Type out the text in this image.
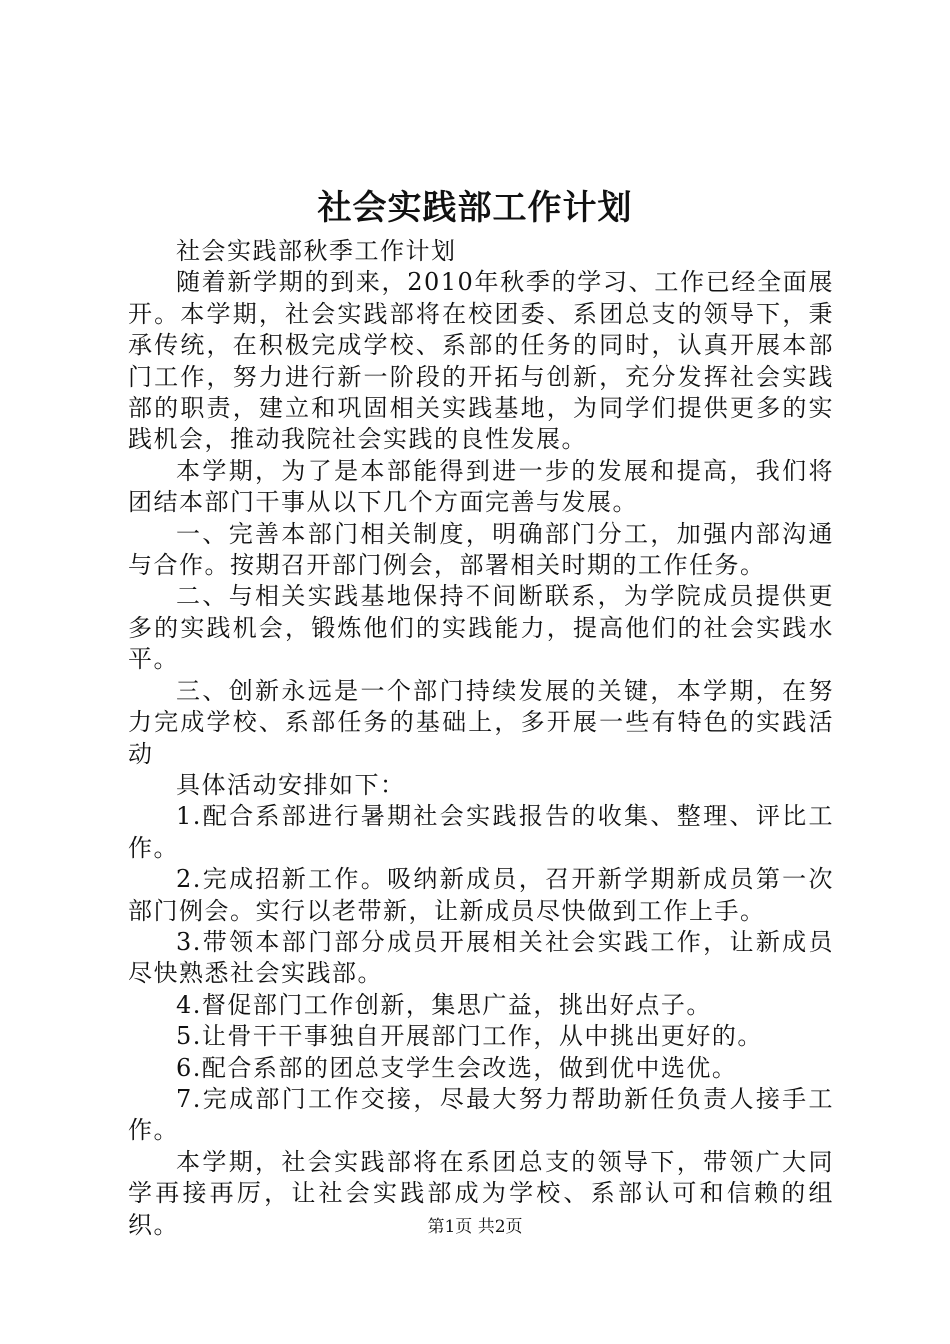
社会实践部工作计划

社会实践部秋季工作计划

随着新学期的到来，2010年秋季的学习、工作已经全面展开。本学期，社会实践部将在校团委、系团总支的领导下，秉承传统，在积极完成学校、系部的任务的同时，认真开展本部门工作，努力进行新一阶段的开拓与创新，充分发挥社会实践部的职责，建立和巩固相关实践基地，为同学们提供更多的实践机会，推动我院社会实践的良性发展。

本学期，为了是本部能得到进一步的发展和提高，我们将团结本部门干事从以下几个方面完善与发展。

一、完善本部门相关制度，明确部门分工，加强内部沟通与合作。按期召开部门例会，部署相关时期的工作任务。

二、与相关实践基地保持不间断联系，为学院成员提供更多的实践机会，锻炼他们的实践能力，提高他们的社会实践水平。

三、创新永远是一个部门持续发展的关键，本学期，在努力完成学校、系部任务的基础上，多开展一些有特色的实践活动

具体活动安排如下：

1.配合系部进行暑期社会实践报告的收集、整理、评比工作。

2.完成招新工作。吸纳新成员，召开新学期新成员第一次部门例会。实行以老带新，让新成员尽快做到工作上手。

3.带领本部门部分成员开展相关社会实践工作，让新成员尽快熟悉社会实践部。

4.督促部门工作创新，集思广益，挑出好点子。

5.让骨干干事独自开展部门工作，从中挑出更好的。

6.配合系部的团总支学生会改选，做到优中选优。

7.完成部门工作交接，尽最大努力帮助新任负责人接手工作。

本学期，社会实践部将在系团总支的领导下，带领广大同学再接再厉，让社会实践部成为学校、系部认可和信赖的组织。	第1页 共2页
